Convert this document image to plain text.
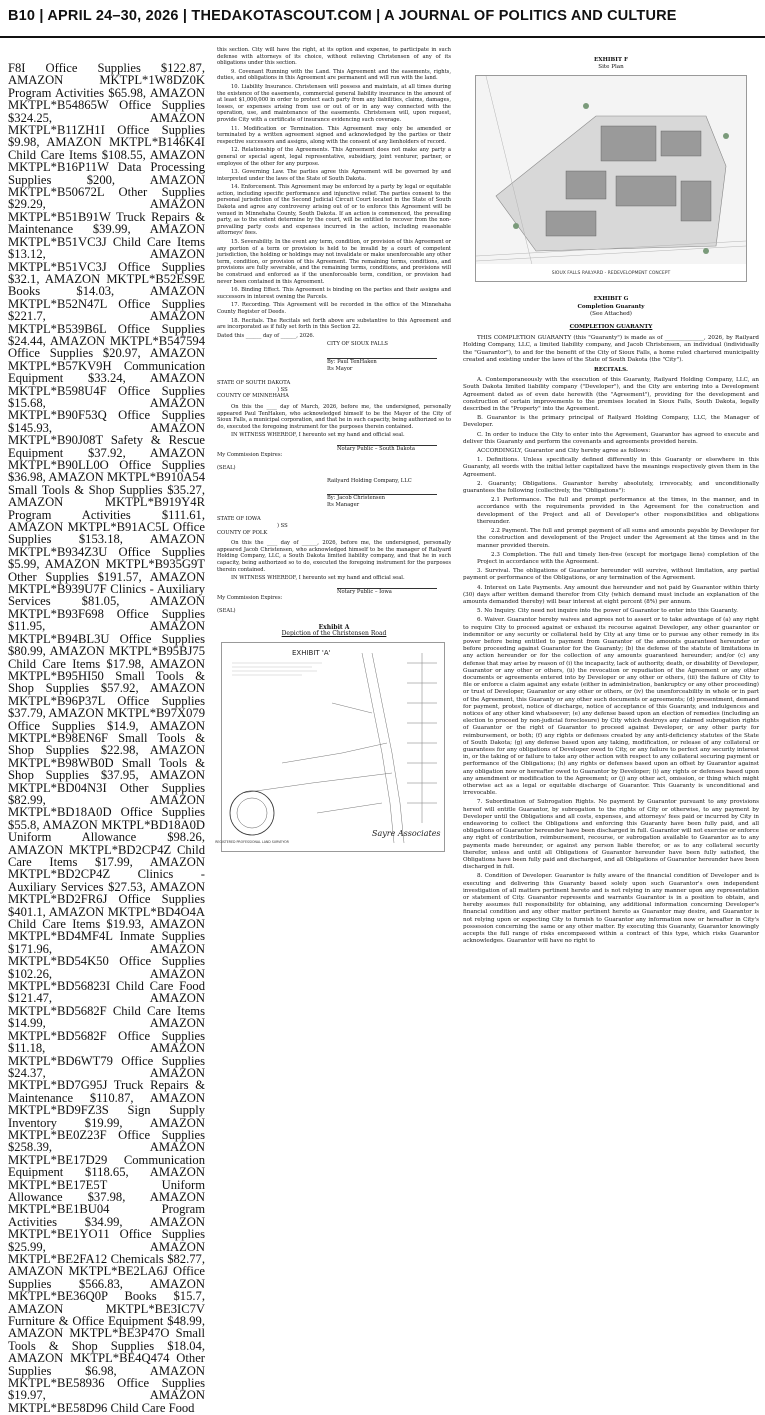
B10 | APRIL 24–30, 2026 | THEDAKOTASCOUT.COM | A JOURNAL OF POLITICS AND CULTURE

F8I Office Supplies $122.87, AMAZON MKTPL*1W8DZ0K Program Activities $65.98, AMAZON MKTPL*B54865W Office Supplies $324.25, AMAZON MKTPL*B11ZH1I Office Supplies $9.98, AMAZON MKTPL*B146K4I Child Care Items $108.55, AMAZON MKTPL*B16P11W Data Processing Supplies $200, AMAZON MKTPL*B50672L Other Supplies $29.29, AMAZON MKTPL*B51B91W Truck Repairs & Maintenance $39.99, AMAZON MKTPL*B51VC3J Child Care Items $13.12, AMAZON MKTPL*B51VC3J Office Supplies $32.1, AMAZON MKTPL*B52ES9E Books $14.03, AMAZON MKTPL*B52N47L Office Supplies $221.7, AMAZON MKTPL*B539B6L Office Supplies $24.44, AMAZON MKTPL*B547594 Office Supplies $20.97, AMAZON MKTPL*B57KV9H Communication Equipment $33.24, AMAZON MKTPL*B598U4F Office Supplies $15.68, AMAZON MKTPL*B90F53Q Office Supplies $145.93, AMAZON MKTPL*B90J08T Safety & Rescue Equipment $37.92, AMAZON MKTPL*B90LL0O Office Supplies $36.98, AMAZON MKTPL*B910A54 Small Tools & Shop Supplies $35.27, AMAZON MKTPL*B919Y4R Program Activities $111.61, AMAZON MKTPL*B91AC5L Office Supplies $153.18, AMAZON MKTPL*B934Z3U Office Supplies $5.99, AMAZON MKTPL*B935G9T Other Supplies $191.57, AMAZON MKTPL*B939U7F Clinics - Auxiliary Services $81.05, AMAZON MKTPL*B93F698 Office Supplies $11.95, AMAZON MKTPL*B94BL3U Office Supplies $80.99, AMAZON MKTPL*B95BJ75 Child Care Items $17.98, AMAZON MKTPL*B95HI50 Small Tools & Shop Supplies $57.92, AMAZON MKTPL*B96P37L Office Supplies $37.79, AMAZON MKTPL*B97X079 Office Supplies $14.9, AMAZON MKTPL*B98EN6F Small Tools & Shop Supplies $22.98, AMAZON MKTPL*B98WB0D Small Tools & Shop Supplies $37.95, AMAZON MKTPL*BD04N3I Other Supplies $82.99, AMAZON MKTPL*BD18A0D Office Supplies $55.8, AMAZON MKTPL*BD18A0D Uniform Allowance $98.26, AMAZON MKTPL*BD2CP4Z Child Care Items $17.99, AMAZON MKTPL*BD2CP4Z Clinics - Auxiliary Services $27.53, AMAZON MKTPL*BD2FR6J Office Supplies $401.1, AMAZON MKTPL*BD4O4A Child Care Items $19.93, AMAZON MKTPL*BD4MF4L Inmate Supplies $171.96, AMAZON MKTPL*BD54K50 Office Supplies $102.26, AMAZON MKTPL*BD56823I Child Care Food $121.47, AMAZON MKTPL*BD5682F Child Care Items $14.99, AMAZON MKTPL*BD5682F Office Supplies $11.18, AMAZON MKTPL*BD6WT79 Office Supplies $24.37, AMAZON MKTPL*BD7G95J Truck Repairs & Maintenance $110.87, AMAZON MKTPL*BD9FZ3S Sign Supply Inventory $19.99, AMAZON MKTPL*BE0Z23F Office Supplies $258.39, AMAZON MKTPL*BE17D29 Communication Equipment $118.65, AMAZON MKTPL*BE17E5T Uniform Allowance $37.98, AMAZON MKTPL*BE1BU04 Program Activities $34.99, AMAZON MKTPL*BE1YO11 Office Supplies $25.99, AMAZON MKTPL*BE2FA12 Chemicals $82.77, AMAZON MKTPL*BE2LA6J Office Supplies $566.83, AMAZON MKTPL*BE36Q0P Books $15.7, AMAZON MKTPL*BE3IC7V Furniture & Office Equipment $48.99, AMAZON MKTPL*BE3P47O Small Tools & Shop Supplies $18.04, AMAZON MKTPL*BE4Q474 Other Supplies $6.98, AMAZON MKTPL*BE58936 Office Supplies $19.97, AMAZON MKTPL*BE58D96 Child Care Food

this section. City will have the right, at its option and expense, to participate in such defense with attorneys of its choice, without relieving Christensen of any of its obligations under this section.

9. Covenant Running with the Land. This Agreement and the easements, rights, duties, and obligations in this Agreement are permanent and will run with the land.

10. Liability Insurance. Christensen will possess and maintain, at all times during the existence of the easements, commercial general liability insurance in the amount of at least $1,000,000 in order to protect each party from any liabilities, claims, damages, losses, or expenses arising from use or out of or in any way connected with the operation, use, and maintenance of the easements. Christensen will, upon request, provide City with a certificate of insurance evidencing such coverage.

11. Modification or Termination. This Agreement may only be amended or terminated by a written agreement signed and acknowledged by the parties or their respective successors and assigns, along with the consent of any lienholders of record.

12. Relationship of the Agreements. This Agreement does not make any party a general or special agent, legal representative, subsidiary, joint venturer, partner, or employee of the other for any purpose.

13. Governing Law. The parties agree this Agreement will be governed by and interpreted under the laws of the State of South Dakota.

14. Enforcement. This Agreement may be enforced by a party by legal or equitable action, including specific performance and injunctive relief. The parties consent to the personal jurisdiction of the Second Judicial Circuit Court located in the State of South Dakota and agree any controversy arising out of or to enforce this Agreement will be venued in Minnehaha County, South Dakota. If an action is commenced, the prevailing party, as to the extent determine by the court, will be entitled to recover from the non-prevailing party costs and expenses incurred in the action, including reasonable attorneys' fees.

15. Severability. In the event any term, condition, or provision of this Agreement or any portion of a term or provision is held to be invalid by a court of competent jurisdiction, the holding or holdings may not invalidate or make unenforceable any other term, condition, or provision of this Agreement. The remaining terms, conditions, and provisions are fully severable, and the remaining terms, conditions, and provisions will be construed and enforced as if the unenforceable term, condition, or provision had never been contained in this Agreement.

16. Binding Effect. This Agreement is binding on the parties and their assigns and successors in interest owning the Parcels.

17. Recording. This Agreement will be recorded in the office of the Minnehaha County Register of Deeds.

18. Recitals. The Recitals set forth above are substantive to this Agreement and are incorporated as if fully set forth in this Section 22.

Dated this ______ day of ______, 2026.

CITY OF SIOUX FALLS
By: Paul TenHaken
Its Mayor
STATE OF SOUTH DAKOTA
) SS
COUNTY OF MINNEHAHA

On this the ____ day of March, 2026, before me, the undersigned, personally appeared Paul TenHaken, who acknowledged himself to be the Mayor of the City of Sioux Falls, a municipal corporation, and that he in such capacity, being authorized so to do, executed the foregoing instrument for the purposes therein contained.

IN WITNESS WHEREOF, I hereunto set my hand and official seal.

Notary Public – South Dakota
My Commission Expires:
(SEAL)
Railyard Holding Company, LLC
By: Jacob Christensen
Its Manager
STATE OF IOWA
) SS
COUNTY OF POLK

On this the ____ day of ______, 2026, before me, the undersigned, personally appeared Jacob Christensen, who acknowledged himself to be the manager of Railyard Holding Company, LLC, a South Dakota limited liability company, and that he in such capacity, being authorized so to do, executed the foregoing instrument for the purposes therein contained.

IN WITNESS WHEREOF, I hereunto set my hand and official seal.

Notary Public – Iowa
My Commission Expires:
(SEAL)
Exhibit A
Depiction of the Christensen Road
EXHIBIT 'A'
REGISTERED PROFESSIONAL LAND SURVEYOR
Sayre Associates
EXHIBIT F
Site Plan
SIOUX FALLS RAILYARD - REDEVELOPMENT CONCEPT
EXHIBIT G
Completion Guaranty
(See Attached)
COMPLETION GUARANTY

THIS COMPLETION GUARANTY (this "Guaranty") is made as of ______________, 2026, by Railyard Holding Company, LLC, a limited liability company, and Jacob Christensen, an individual (individually the "Guarantor"), to and for the benefit of the City of Sioux Falls, a home ruled chartered municipality created and existing under the laws of the State of South Dakota (the "City").

RECITALS.

A. Contemporaneously with the execution of this Guaranty, Railyard Holding Company, LLC, an South Dakota limited liability company ("Developer"), and the City are entering into a Development Agreement dated as of even date herewith (the "Agreement"), providing for the development and construction of certain improvements to the premises located in Sioux Falls, South Dakota, legally described in the "Property" into the Agreement.

B. Guarantor is the primary principal of Railyard Holding Company, LLC, the Manager of Developer.

C. In order to induce the City to enter into the Agreement, Guarantor has agreed to execute and deliver this Guaranty and perform the covenants and agreements provided herein.

ACCORDINGLY, Guarantor and City hereby agree as follows:

1. Definitions. Unless specifically defined differently in this Guaranty or elsewhere in this Guaranty, all words with the initial letter capitalized have the meanings respectively given them in the Agreement.

2. Guaranty; Obligations. Guarantor hereby absolutely, irrevocably, and unconditionally guarantees the following (collectively, the "Obligations"):

2.1 Performance. The full and prompt performance at the times, in the manner, and in accordance with the requirements provided in the Agreement for the construction and development of the Project and all of Developer's other responsibilities and obligations thereunder.

2.2 Payment. The full and prompt payment of all sums and amounts payable by Developer for the construction and development of the Project under the Agreement at the times and in the manner provided therein.

2.3 Completion. The full and timely lien-free (except for mortgage liens) completion of the Project in accordance with the Agreement.

3. Survival. The obligations of Guarantor hereunder will survive, without limitation, any partial payment or performance of the Obligations, or any termination of the Agreement.

4. Interest on Late Payments. Any amount due hereunder and not paid by Guarantor within thirty (30) days after written demand therefor from City (which demand must include an explanation of the amounts demanded thereby) will bear interest at eight percent (8%) per annum.

5. No Inquiry. City need not inquire into the power of Guarantor to enter into this Guaranty.

6. Waiver. Guarantor hereby waives and agrees not to assert or to take advantage of (a) any right to require City to proceed against or exhaust its recourse against Developer, any other guarantor or indemnitor or any security or collateral held by City at any time or to pursue any other remedy in its power before being entitled to payment from Guarantor of the amounts guaranteed hereunder or before proceeding against Guarantor for the Guaranty; (b) the defense of the statute of limitations in any action hereunder or for the collection of any amounts guaranteed hereunder; and/or (c) any defense that may arise by reason of (i) the incapacity, lack of authority, death, or disability of Developer, Guarantor or any other or others, (ii) the revocation or repudiation of the Agreement or any other documents or agreements entered into by Developer or any other or others, (iii) the failure of City to file or enforce a claim against any estate (either in administration, bankruptcy or any other proceeding) or trust of Developer, Guarantor or any other or others, or (iv) the unenforceability in whole or in part of the Agreement, this Guaranty or any other such documents or agreements; (d) presentment, demand for payment, protest, notice of discharge, notice of acceptance of this Guaranty, and indulgences and notices of any other kind whatsoever; (e) any defense based upon an election of remedies (including an election to proceed by non-judicial foreclosure) by City which destroys any claimed subrogation rights of Guarantor or the right of Guarantor to proceed against Developer, or any other party for reimbursement, or both; (f) any rights or defenses created by any anti-deficiency statutes of the State of South Dakota; (g) any defense based upon any taking, modification, or release of any collateral or guarantees for any obligations of Developer owed to City, or any failure to perfect any security interest in, or the taking of or failure to take any other action with respect to any collateral securing payment or performance of the Obligations; (h) any rights or defenses based upon an offset by Guarantor against any obligation now or hereafter owed to Guarantor by Developer; (i) any rights or defenses based upon any amendment or modification to the Agreement; or (j) any other act, omission, or thing which might otherwise act as a legal or equitable discharge of Guarantor. This Guaranty is unconditional and irrevocable.

7. Subordination of Subrogation Rights. No payment by Guarantor pursuant to any provisions hereof will entitle Guarantor, by subrogation to the rights of City or otherwise, to any payment by Developer until the Obligations and all costs, expenses, and attorneys' fees paid or incurred by City in endeavoring to collect the Obligations and enforcing this Guaranty have been fully paid, and all obligations of Guarantor hereunder have been discharged in full. Guarantor will not exercise or enforce any right of contribution, reimbursement, recourse, or subrogation available to Guarantor as to any payments made hereunder, or against any person liable therefor, or as to any collateral security therefor, unless and until all Obligations of Guarantor hereunder have been fully satisfied, the Obligations have been fully paid and discharged, and all Obligations of Guarantor hereunder have been discharged in full.

8. Condition of Developer. Guarantor is fully aware of the financial condition of Developer and is executing and delivering this Guaranty based solely upon such Guarantor's own independent investigation of all matters pertinent hereto and is not relying in any manner upon any representation or statement of City. Guarantor represents and warrants Guarantor is in a position to obtain, and hereby assumes full responsibility for obtaining, any additional information concerning Developer's financial condition and any other matter pertinent hereto as Guarantor may desire, and Guarantor is not relying upon or expecting City to furnish to Guarantor any information now or hereafter in City's possession concerning the same or any other matter. By executing this Guaranty, Guarantor knowingly accepts the full range of risks encompassed within a contract of this type, which risks Guarantor acknowledges. Guarantor will have no right to
